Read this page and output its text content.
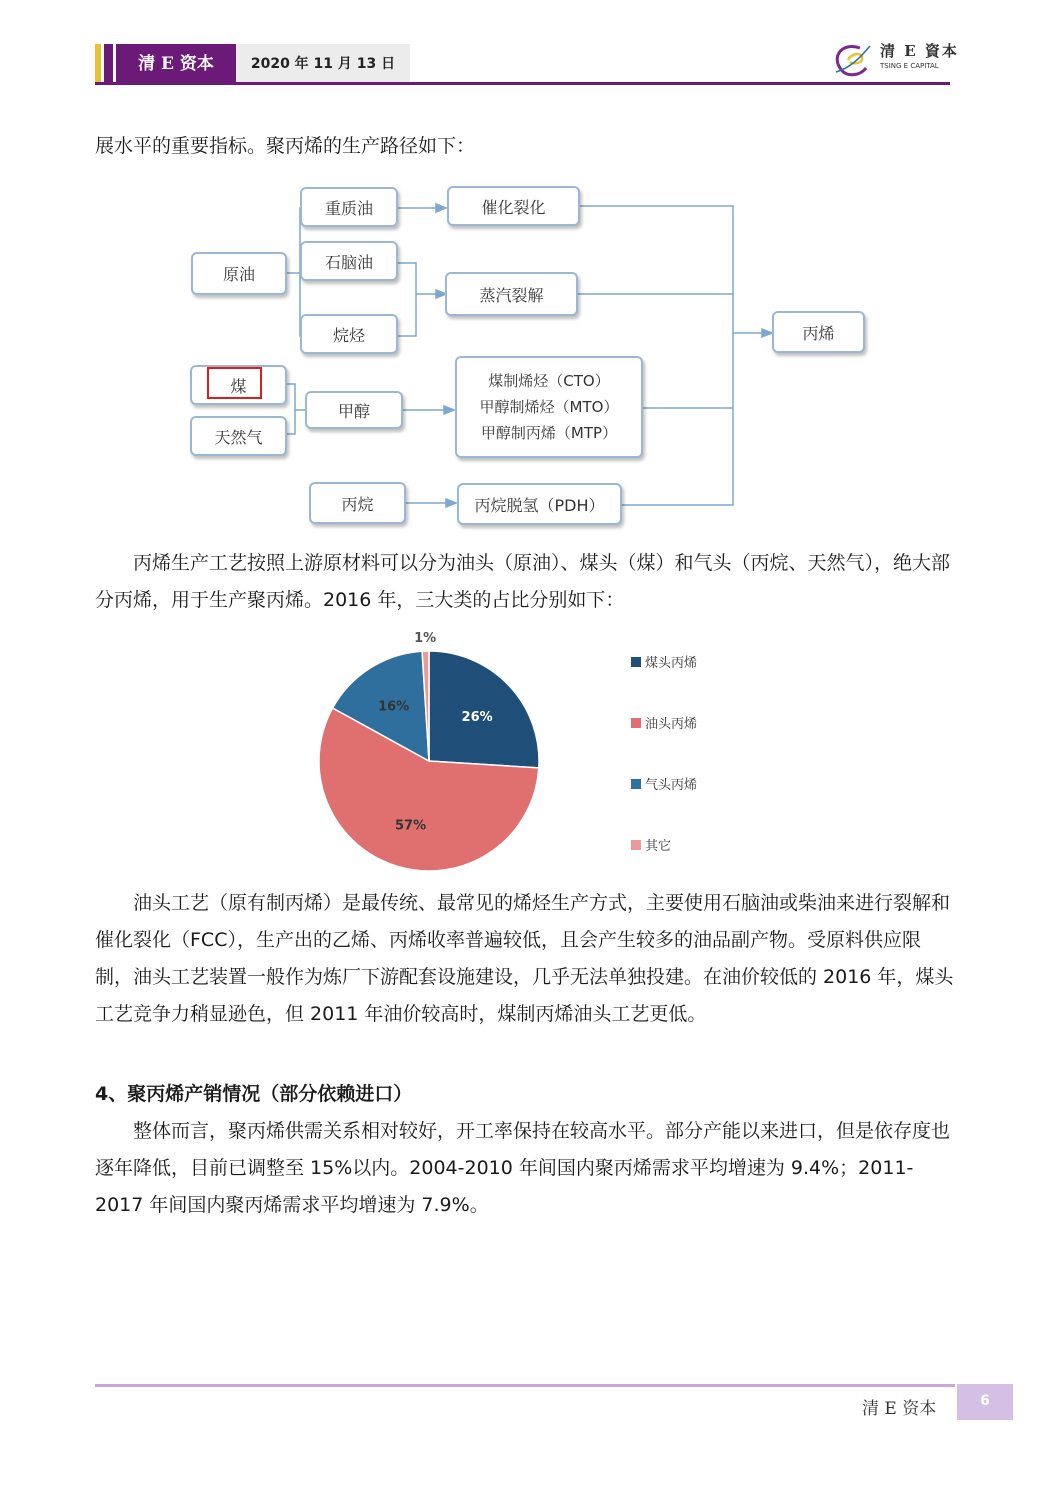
清 E 资本	2020 年 11 月 13 日
清 E 資本
TSING E CAPITAL

展水平的重要指标。聚丙烯的生产路径如下：

原油
重质油
石脑油
烷烃
催化裂化
蒸汽裂解
丙烯
煤
天然气
甲醇
煤制烯烃（CTO）
甲醇制烯烃（MTO）
甲醇制丙烯（MTP）
丙烷	丙烷脱氢（PDH）

丙烯生产工艺按照上游原材料可以分为油头（原油）、煤头（煤）和气头（丙烷、天然气），绝大部分丙烯，用于生产聚丙烯。2016 年，三大类的占比分别如下：

26%
57%
16%
1%
煤头丙烯
油头丙烯
气头丙烯
其它

油头工艺（原有制丙烯）是最传统、最常见的烯烃生产方式，主要使用石脑油或柴油来进行裂解和催化裂化（FCC），生产出的乙烯、丙烯收率普遍较低，且会产生较多的油品副产物。受原料供应限制，油头工艺装置一般作为炼厂下游配套设施建设，几乎无法单独投建。在油价较低的 2016 年，煤头工艺竞争力稍显逊色，但 2011 年油价较高时，煤制丙烯油头工艺更低。

4、聚丙烯产销情况（部分依赖进口）

整体而言，聚丙烯供需关系相对较好，开工率保持在较高水平。部分产能以来进口，但是依存度也逐年降低，目前已调整至 15%以内。2004-2010 年间国内聚丙烯需求平均增速为 9.4%；2011-2017 年间国内聚丙烯需求平均增速为 7.9%。

清 E 资本	6
